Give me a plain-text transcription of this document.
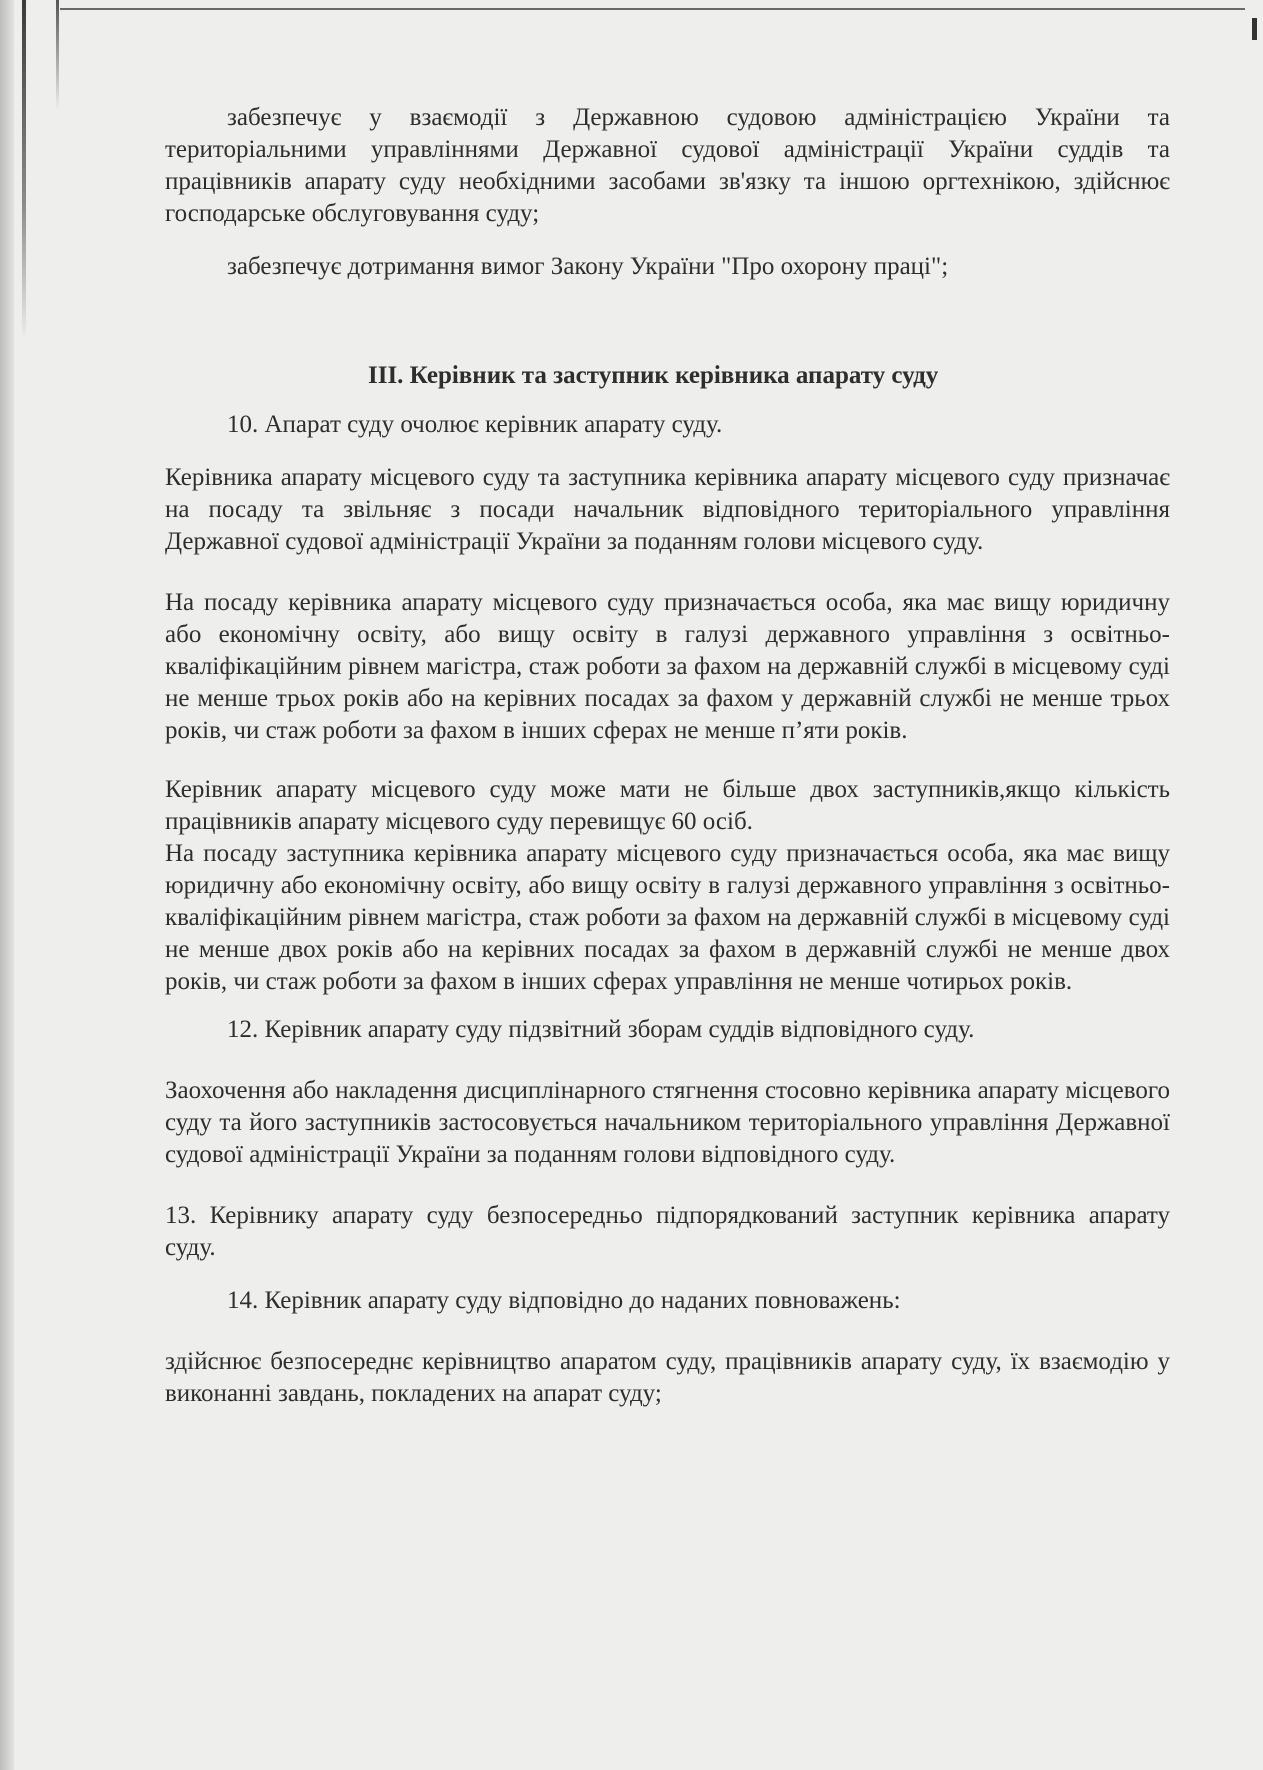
забезпечує у взаємодії з Державною судовою адміністрацією України та територіальними управліннями Державної судової адміністрації України суддів та працівників апарату суду необхідними засобами зв'язку та іншою оргтехнікою, здійснює господарське обслуговування суду;

забезпечує дотримання вимог Закону України "Про охорону праці";

ІІІ. Керівник та заступник керівника апарату суду

10. Апарат суду очолює керівник апарату суду.

Керівника апарату місцевого суду та заступника керівника апарату місцевого суду призначає на посаду та звільняє з посади начальник відповідного територіального управління Державної судової адміністрації України за поданням голови місцевого суду.

На посаду керівника апарату місцевого суду призначається особа, яка має вищу юридичну або економічну освіту, або вищу освіту в галузі державного управління з освітньо-кваліфікаційним рівнем магістра, стаж роботи за фахом на державній службі в місцевому суді не менше трьох років або на керівних посадах за фахом у державній службі не менше трьох років, чи стаж роботи за фахом в інших сферах не менше п’яти років.

Керівник апарату місцевого суду може мати не більше двох заступників,якщо кількість працівників апарату місцевого суду перевищує 60 осіб.

На посаду заступника керівника апарату місцевого суду призначається особа, яка має вищу юридичну або економічну освіту, або вищу освіту в галузі державного управління з освітньо-кваліфікаційним рівнем магістра, стаж роботи за фахом на державній службі в місцевому суді не менше двох років або на керівних посадах за фахом в державній службі не менше двох років, чи стаж роботи за фахом в інших сферах управління не менше чотирьох років.

12. Керівник апарату суду підзвітний зборам суддів відповідного суду.

Заохочення або накладення дисциплінарного стягнення стосовно керівника апарату місцевого суду та його заступників застосовується начальником територіального управління Державної судової адміністрації України за поданням голови відповідного суду.

13. Керівнику апарату суду безпосередньо підпорядкований заступник керівника апарату суду.

14. Керівник апарату суду відповідно до наданих повноважень:

здійснює безпосереднє керівництво апаратом суду, працівників апарату суду, їх взаємодію у виконанні завдань, покладених на апарат суду;
